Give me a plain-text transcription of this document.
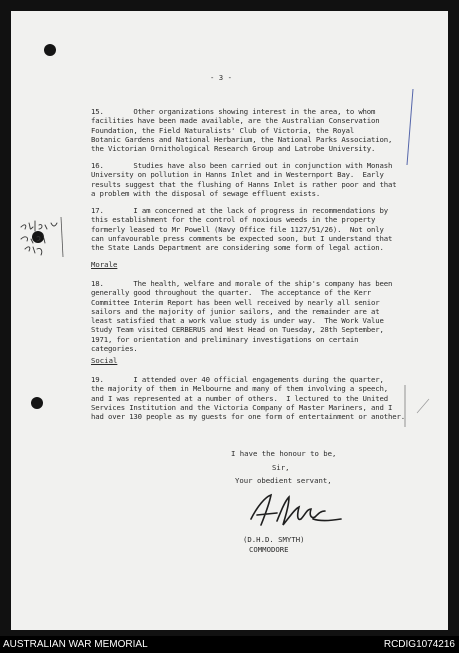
- 3 -
15.       Other organizations showing interest in the area, to whom
facilities have been made available, are the Australian Conservation
Foundation, the Field Naturalists' Club of Victoria, the Royal
Botanic Gardens and National Herbarium, the National Parks Association,
the Victorian Ornithological Research Group and Latrobe University.
16.       Studies have also been carried out in conjunction with Monash
University on pollution in Hanns Inlet and in Westernport Bay.  Early
results suggest that the flushing of Hanns Inlet is rather poor and that
a problem with the disposal of sewage effluent exists.
17.       I am concerned at the lack of progress in recommendations by
this establishment for the control of noxious weeds in the property
formerly leased to Mr Powell (Navy Office file 1127/51/26).  Not only
can unfavourable press comments be expected soon, but I understand that
the State Lands Department are considering some form of legal action.
Morale
18.       The health, welfare and morale of the ship's company has been
generally good throughout the quarter.  The acceptance of the Kerr
Committee Interim Report has been well received by nearly all senior
sailors and the majority of junior sailors, and the remainder are at
least satisfied that a work value study is under way.  The Work Value
Study Team visited CERBERUS and West Head on Tuesday, 28th September,
1971, for orientation and preliminary investigations on certain
categories.
Social
19.       I attended over 40 official engagements during the quarter,
the majority of them in Melbourne and many of them involving a speech,
and I was represented at a number of others.  I lectured to the United
Services Institution and the Victoria Company of Master Mariners, and I
had over 130 people as my guests for one form of entertainment or another.
I have the honour to be,
Sir,
Your obedient servant,
(D.H.D. SMYTH)
COMMODORE
AUSTRALIAN WAR MEMORIAL	RCDIG1074216
